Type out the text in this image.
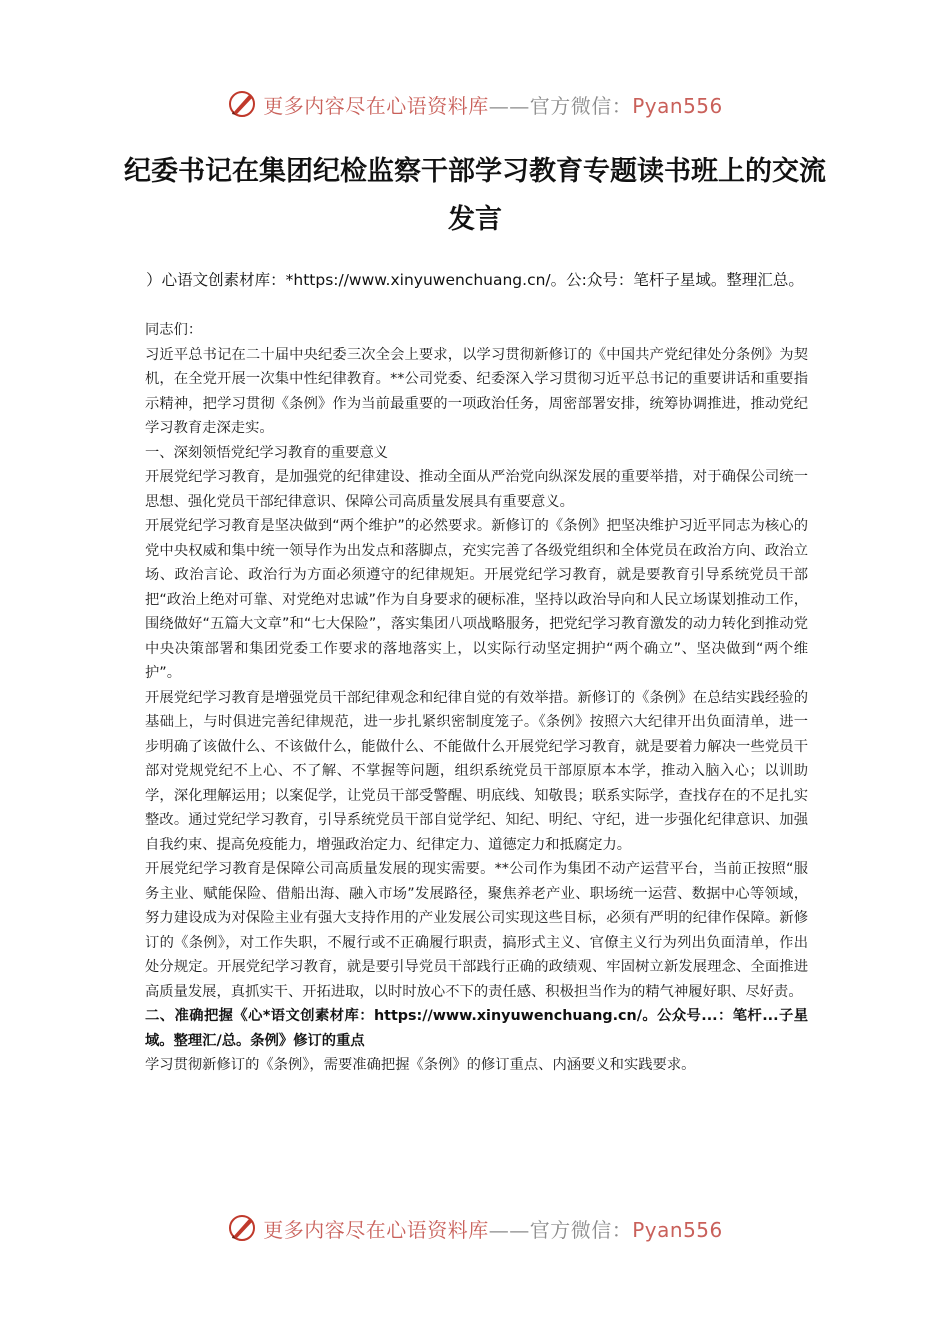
更多内容尽在心语资料库——官方微信：Pyan556
纪委书记在集团纪检监察干部学习教育专题读书班上的交流发言
）心语文创素材库：*https://www.xinyuwenchuang.cn/。公:众号：笔杆子星域。整理汇总。

同志们：

习近平总书记在二十届中央纪委三次全会上要求，以学习贯彻新修订的《中国共产党纪律处分条例》为契机，在全党开展一次集中性纪律教育。**公司党委、纪委深入学习贯彻习近平总书记的重要讲话和重要指示精神，把学习贯彻《条例》作为当前最重要的一项政治任务，周密部署安排，统筹协调推进，推动党纪学习教育走深走实。

一、深刻领悟党纪学习教育的重要意义

开展党纪学习教育，是加强党的纪律建设、推动全面从严治党向纵深发展的重要举措，对于确保公司统一思想、强化党员干部纪律意识、保障公司高质量发展具有重要意义。

开展党纪学习教育是坚决做到“两个维护”的必然要求。新修订的《条例》把坚决维护习近平同志为核心的党中央权威和集中统一领导作为出发点和落脚点，充实完善了各级党组织和全体党员在政治方向、政治立场、政治言论、政治行为方面必须遵守的纪律规矩。开展党纪学习教育，就是要教育引导系统党员干部把“政治上绝对可靠、对党绝对忠诚”作为自身要求的硬标准，坚持以政治导向和人民立场谋划推动工作，围绕做好“五篇大文章”和“七大保险”，落实集团八项战略服务，把党纪学习教育激发的动力转化到推动党中央决策部署和集团党委工作要求的落地落实上，以实际行动坚定拥护“两个确立”、坚决做到“两个维护”。

开展党纪学习教育是增强党员干部纪律观念和纪律自觉的有效举措。新修订的《条例》在总结实践经验的基础上，与时俱进完善纪律规范，进一步扎紧织密制度笼子。《条例》按照六大纪律开出负面清单，进一步明确了该做什么、不该做什么，能做什么、不能做什么开展党纪学习教育，就是要着力解决一些党员干部对党规党纪不上心、不了解、不掌握等问题，组织系统党员干部原原本本学，推动入脑入心；以训助学，深化理解运用；以案促学，让党员干部受警醒、明底线、知敬畏；联系实际学，查找存在的不足扎实整改。通过党纪学习教育，引导系统党员干部自觉学纪、知纪、明纪、守纪，进一步强化纪律意识、加强自我约束、提高免疫能力，增强政治定力、纪律定力、道德定力和抵腐定力。

开展党纪学习教育是保障公司高质量发展的现实需要。**公司作为集团不动产运营平台，当前正按照“服务主业、赋能保险、借船出海、融入市场”发展路径，聚焦养老产业、职场统一运营、数据中心等领域，努力建设成为对保险主业有强大支持作用的产业发展公司实现这些目标，必须有严明的纪律作保障。新修订的《条例》，对工作失职，不履行或不正确履行职责，搞形式主义、官僚主义行为列出负面清单，作出处分规定。开展党纪学习教育，就是要引导党员干部践行正确的政绩观、牢固树立新发展理念、全面推进高质量发展，真抓实干、开拓进取，以时时放心不下的责任感、积极担当作为的精气神履好职、尽好责。

二、准确把握《心*语文创素材库：https://www.xinyuwenchuang.cn/。公众号...：笔杆...子星域。整理汇/总。条例》修订的重点

学习贯彻新修订的《条例》，需要准确把握《条例》的修订重点、内涵要义和实践要求。

更多内容尽在心语资料库——官方微信：Pyan556
